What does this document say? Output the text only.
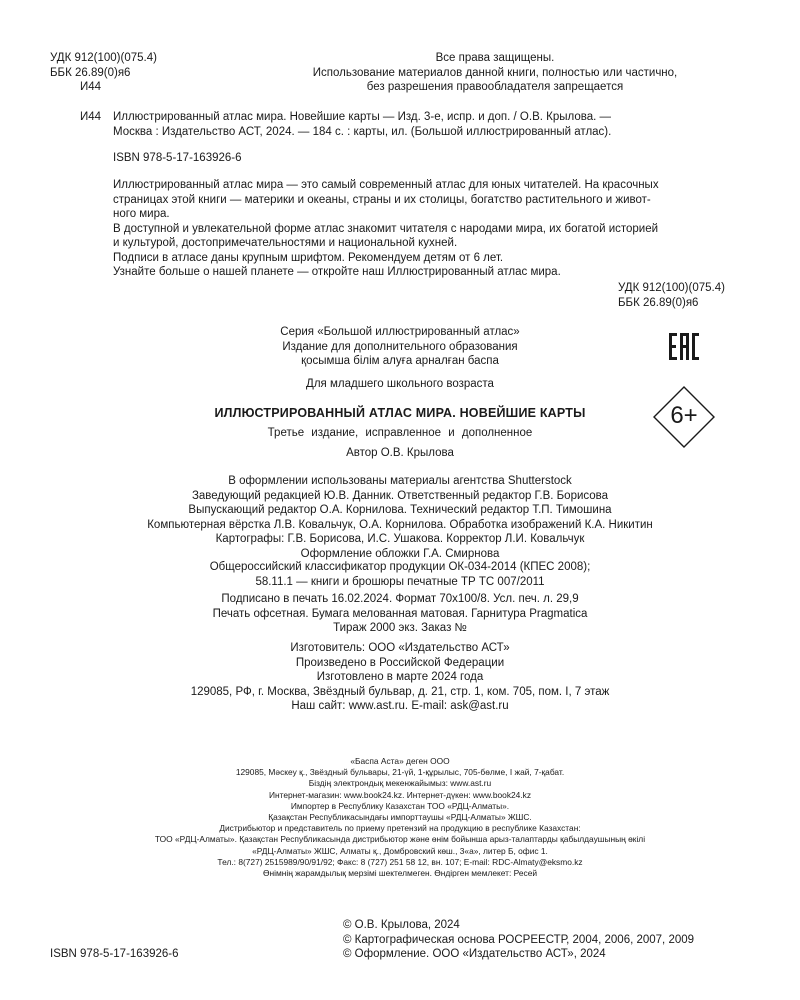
УДК 912(100)(075.4)
ББК 26.89(0)я6
И44
Все права защищены.
Использование материалов данной книги, полностью или частично,
без разрешения правообладателя запрещается
И44 Иллюстрированный атлас мира. Новейшие карты — Изд. 3-е, испр. и доп. / О.В. Крылова. —
Москва : Издательство АСТ, 2024. — 184 с. : карты, ил. (Большой иллюстрированный атлас).
ISBN 978-5-17-163926-6
Иллюстрированный атлас мира — это самый современный атлас для юных читателей. На красочных
страницах этой книги — материки и океаны, страны и их столицы, богатство растительного и живот-
ного мира.
В доступной и увлекательной форме атлас знакомит читателя с народами мира, их богатой историей
и культурой, достопримечательностями и национальной кухней.
Подписи в атласе даны крупным шрифтом. Рекомендуем детям от 6 лет.
Узнайте больше о нашей планете — откройте наш Иллюстрированный атлас мира.
УДК 912(100)(075.4)
ББК 26.89(0)я6
Серия «Большой иллюстрированный атлас»
Издание для дополнительного образования
қосымша білім алуға арналған баспа
Для младшего школьного возраста
6+
ИЛЛЮСТРИРОВАННЫЙ АТЛАС МИРА. НОВЕЙШИЕ КАРТЫ
Третье издание, исправленное и дополненное
Автор О.В. Крылова
В оформлении использованы материалы агентства Shutterstock
Заведующий редакцией Ю.В. Данник. Ответственный редактор Г.В. Борисова
Выпускающий редактор О.А. Корнилова. Технический редактор Т.П. Тимошина
Компьютерная вёрстка Л.В. Ковальчук, О.А. Корнилова. Обработка изображений К.А. Никитин
Картографы: Г.В. Борисова, И.С. Ушакова. Корректор Л.И. Ковальчук
Оформление обложки Г.А. Смирнова
Общероссийский классификатор продукции ОК-034-2014 (КПЕС 2008);
58.11.1 — книги и брошюры печатные ТР ТС 007/2011
Подписано в печать 16.02.2024. Формат 70х100/8. Усл. печ. л. 29,9
Печать офсетная. Бумага мелованная матовая. Гарнитура Pragmatica
Тираж 2000 экз. Заказ №
Изготовитель: ООО «Издательство АСТ»
Произведено в Российской Федерации
Изготовлено в марте 2024 года
129085, РФ, г. Москва, Звёздный бульвар, д. 21, стр. 1, ком. 705, пом. I, 7 этаж
Наш сайт: www.ast.ru. E-mail: ask@ast.ru
«Баспа Аста» деген ООО
129085, Мәскеу қ., Звёздный бульвары, 21-үй, 1-құрылыс, 705-бөлме, I жай, 7-қабат.
Біздің электрондық мекенжайымыз: www.ast.ru
Интернет-магазин: www.book24.kz. Интернет-дүкен: www.book24.kz
Импортер в Республику Казахстан ТОО «РДЦ-Алматы».
Қазақстан Республикасындағы импорттаушы «РДЦ-Алматы» ЖШС.
Дистрибьютор и представитель по приему претензий на продукцию в республике Казахстан:
ТОО «РДЦ-Алматы». Қазақстан Республикасында дистрибьютор және өнім бойынша арыз-талаптарды қабылдаушының өкілі
«РДЦ-Алматы» ЖШС, Алматы қ., Домбровский көш., 3«а», литер Б, офис 1.
Тел.: 8(727) 2515989/90/91/92; Факс: 8 (727) 251 58 12, вн. 107; E-mail: RDC-Almaty@eksmo.kz
Өнімнің жарамдылық мерзімі шектелмеген. Өндірген мемлекет: Ресей
© О.В. Крылова, 2024
© Картографическая основа РОСРЕЕСТР, 2004, 2006, 2007, 2009
© Оформление. ООО «Издательство АСТ», 2024
ISBN 978-5-17-163926-6
